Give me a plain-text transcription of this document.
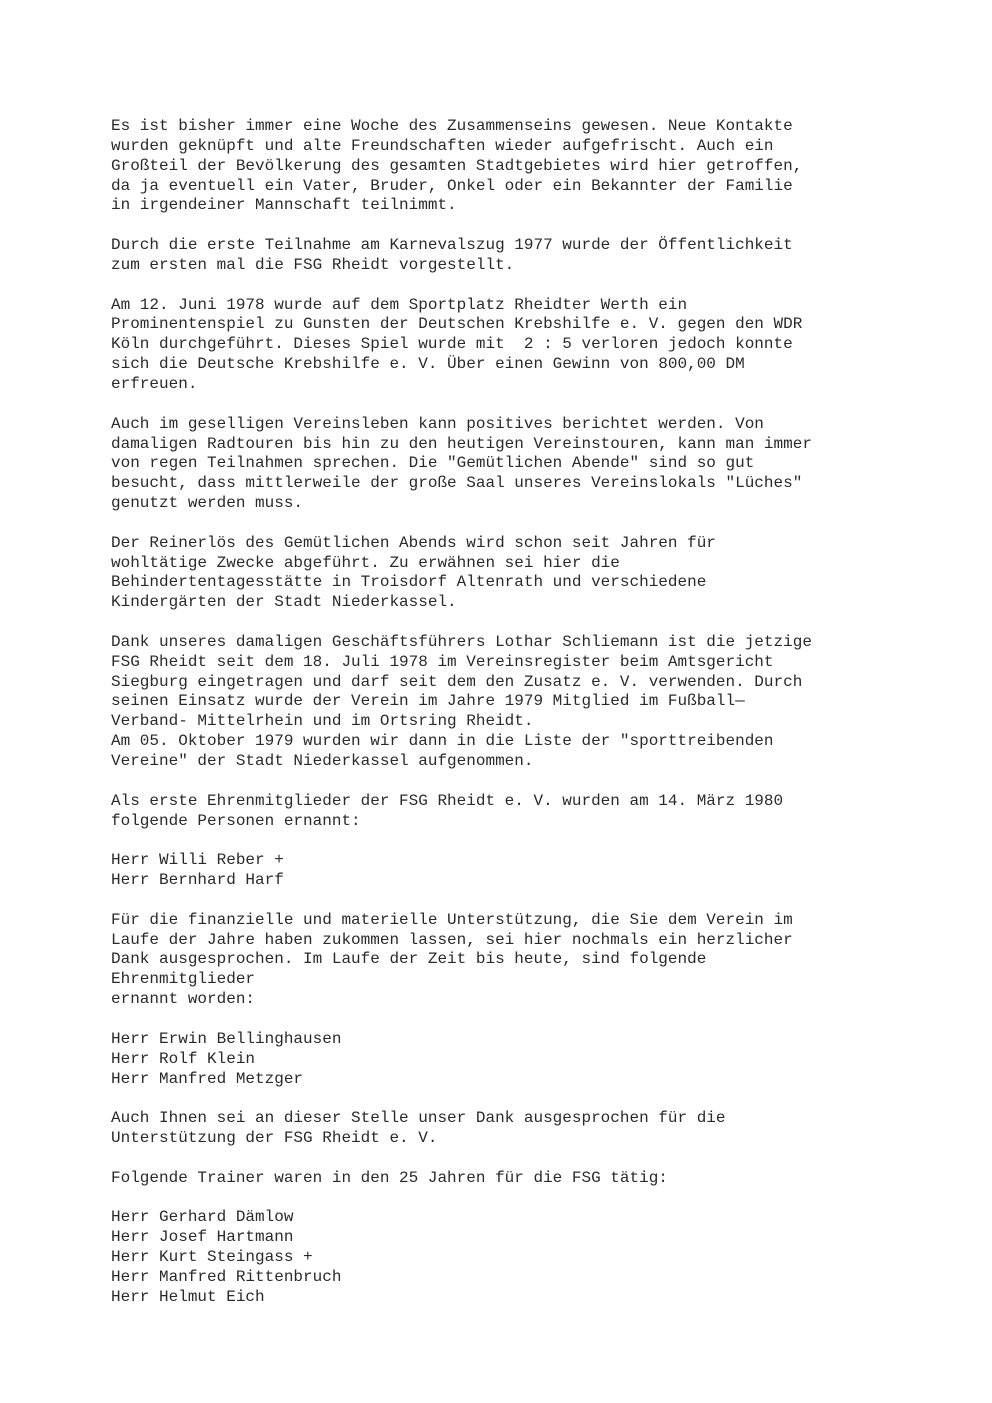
Es ist bisher immer eine Woche des Zusammenseins gewesen. Neue Kontakte
wurden geknüpft und alte Freundschaften wieder aufgefrischt. Auch ein
Großteil der Bevölkerung des gesamten Stadtgebietes wird hier getroffen,
da ja eventuell ein Vater, Bruder, Onkel oder ein Bekannter der Familie
in irgendeiner Mannschaft teilnimmt.
Durch die erste Teilnahme am Karnevalszug 1977 wurde der Öffentlichkeit
zum ersten mal die FSG Rheidt vorgestellt.
Am 12. Juni 1978 wurde auf dem Sportplatz Rheidter Werth ein
Prominentenspiel zu Gunsten der Deutschen Krebshilfe e. V. gegen den WDR
Köln durchgeführt. Dieses Spiel wurde mit  2 : 5 verloren jedoch konnte
sich die Deutsche Krebshilfe e. V. Über einen Gewinn von 800,00 DM
erfreuen.
Auch im geselligen Vereinsleben kann positives berichtet werden. Von
damaligen Radtouren bis hin zu den heutigen Vereinstouren, kann man immer
von regen Teilnahmen sprechen. Die "Gemütlichen Abende" sind so gut
besucht, dass mittlerweile der große Saal unseres Vereinslokals "Lüches"
genutzt werden muss.
Der Reinerlös des Gemütlichen Abends wird schon seit Jahren für
wohltätige Zwecke abgeführt. Zu erwähnen sei hier die
Behindertentagesstätte in Troisdorf Altenrath und verschiedene
Kindergärten der Stadt Niederkassel.
Dank unseres damaligen Geschäftsführers Lothar Schliemann ist die jetzige
FSG Rheidt seit dem 18. Juli 1978 im Vereinsregister beim Amtsgericht
Siegburg eingetragen und darf seit dem den Zusatz e. V. verwenden. Durch
seinen Einsatz wurde der Verein im Jahre 1979 Mitglied im Fußball—
Verband- Mittelrhein und im Ortsring Rheidt.
Am 05. Oktober 1979 wurden wir dann in die Liste der "sporttreibenden
Vereine" der Stadt Niederkassel aufgenommen.
Als erste Ehrenmitglieder der FSG Rheidt e. V. wurden am 14. März 1980
folgende Personen ernannt:
Herr Willi Reber +
Herr Bernhard Harf
Für die finanzielle und materielle Unterstützung, die Sie dem Verein im
Laufe der Jahre haben zukommen lassen, sei hier nochmals ein herzlicher
Dank ausgesprochen. Im Laufe der Zeit bis heute, sind folgende
Ehrenmitglieder
ernannt worden:
Herr Erwin Bellinghausen
Herr Rolf Klein
Herr Manfred Metzger
Auch Ihnen sei an dieser Stelle unser Dank ausgesprochen für die
Unterstützung der FSG Rheidt e. V.
Folgende Trainer waren in den 25 Jahren für die FSG tätig:
Herr Gerhard Dämlow
Herr Josef Hartmann
Herr Kurt Steingass +
Herr Manfred Rittenbruch
Herr Helmut Eich
